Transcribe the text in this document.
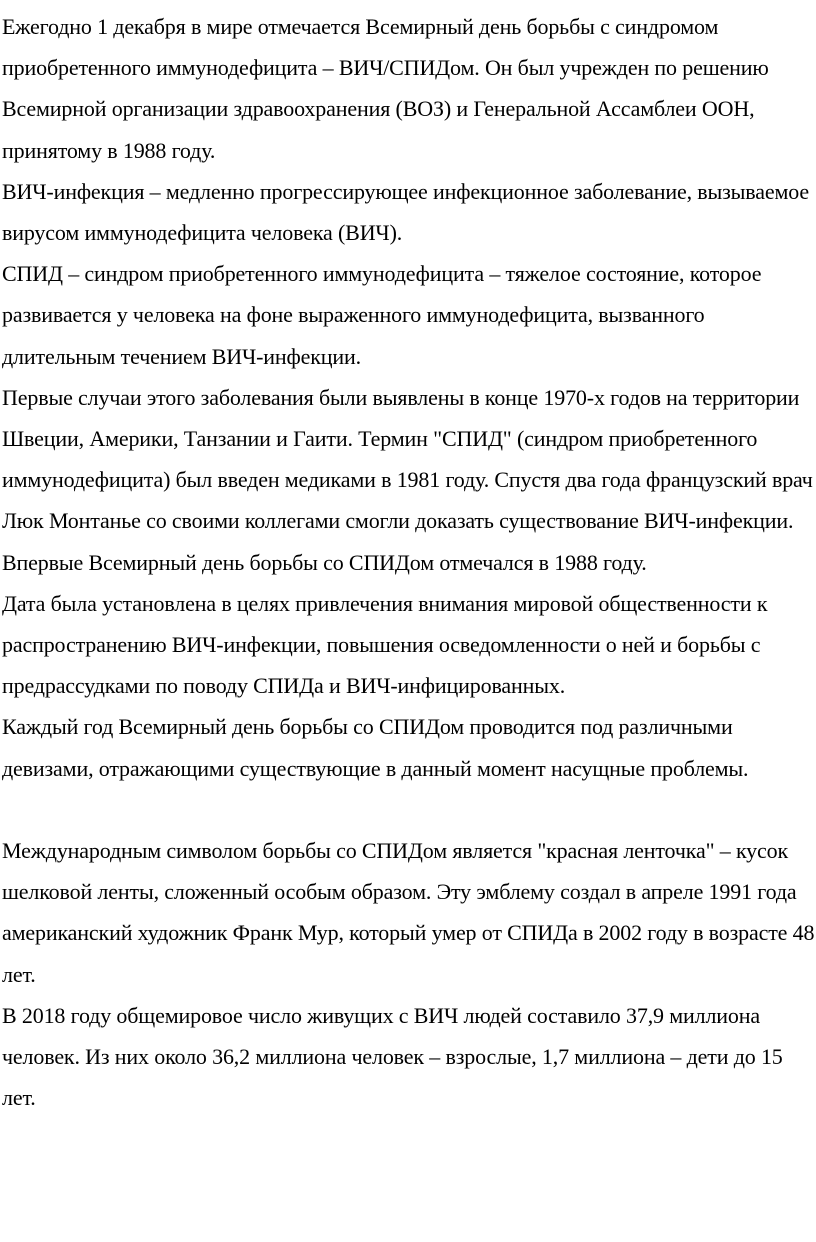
Ежегодно 1 декабря в мире отмечается Всемирный день борьбы с синдромом приобретенного иммунодефицита – ВИЧ/СПИДом. Он был учрежден по решению Всемирной организации здравоохранения (ВОЗ) и Генеральной Ассамблеи ООН, принятому в 1988 году.

ВИЧ-инфекция – медленно прогрессирующее инфекционное заболевание, вызываемое вирусом иммунодефицита человека (ВИЧ).

СПИД – синдром приобретенного иммунодефицита – тяжелое состояние, которое развивается у человека на фоне выраженного иммунодефицита, вызванного длительным течением ВИЧ-инфекции.

Первые случаи этого заболевания были выявлены в конце 1970-х годов на территории Швеции, Америки, Танзании и Гаити. Термин "СПИД" (синдром приобретенного иммунодефицита) был введен медиками в 1981 году. Спустя два года французский врач Люк Монтанье со своими коллегами смогли доказать существование ВИЧ-инфекции.

Впервые Всемирный день борьбы со СПИДом отмечался в 1988 году.

Дата была установлена в целях привлечения внимания мировой общественности к распространению ВИЧ-инфекции, повышения осведомленности о ней и борьбы с предрассудками по поводу СПИДа и ВИЧ-инфицированных.

Каждый год Всемирный день борьбы со СПИДом проводится под различными девизами, отражающими существующие в данный момент насущные проблемы.

Международным символом борьбы со СПИДом является "красная ленточка" – кусок шелковой ленты, сложенный особым образом. Эту эмблему создал в апреле 1991 года американский художник Франк Мур, который умер от СПИДа в 2002 году в возрасте 48 лет.

В 2018 году общемировое число живущих с ВИЧ людей составило 37,9 миллиона человек. Из них около 36,2 миллиона человек – взрослые, 1,7 миллиона – дети до 15 лет.
